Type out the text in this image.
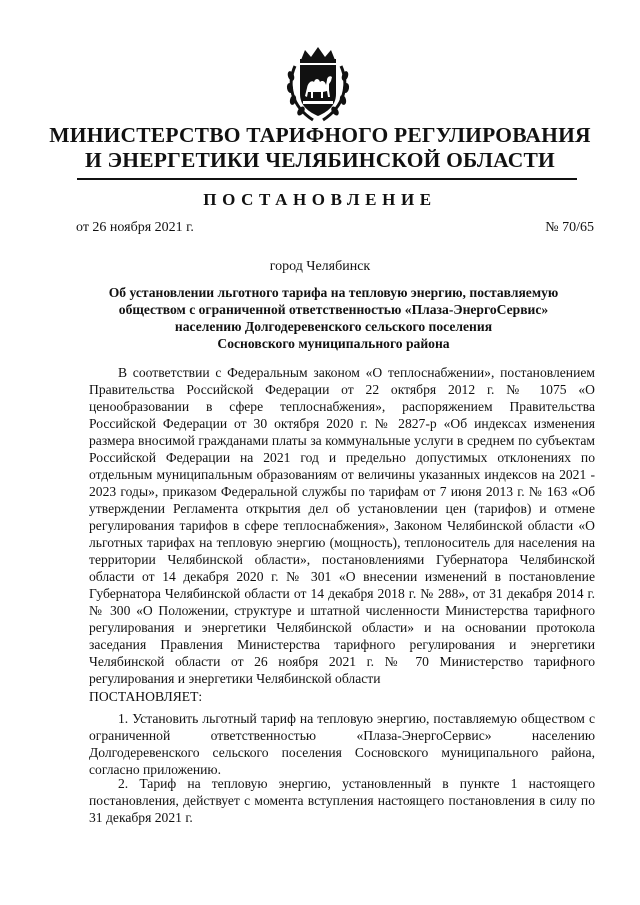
МИНИСТЕРСТВО ТАРИФНОГО РЕГУЛИРОВАНИЯ
И ЭНЕРГЕТИКИ ЧЕЛЯБИНСКОЙ ОБЛАСТИ
ПОСТАНОВЛЕНИЕ
от 26 ноября 2021 г.	№ 70/65
город Челябинск
Об установлении льготного тарифа на тепловую энергию, поставляемую
обществом с ограниченной ответственностью «Плаза-ЭнергоСервис»
населению Долгодеревенского сельского поселения
Сосновского муниципального района
В соответствии с Федеральным законом «О теплоснабжении», постановлением Правительства Российской Федерации от 22 октября 2012 г. № 1075 «О ценообразовании в сфере теплоснабжения», распоряжением Правительства Российской Федерации от 30 октября 2020 г. № 2827-р «Об индексах изменения размера вносимой гражданами платы за коммунальные услуги в среднем по субъектам Российской Федерации на 2021 год и предельно допустимых отклонениях по отдельным муниципальным образованиям от величины указанных индексов на 2021 - 2023 годы», приказом Федеральной службы по тарифам от 7 июня 2013 г. № 163 «Об утверждении Регламента открытия дел об установлении цен (тарифов) и отмене регулирования тарифов в сфере теплоснабжения», Законом Челябинской области «О льготных тарифах на тепловую энергию (мощность), теплоноситель для населения на территории Челябинской области», постановлениями Губернатора Челябинской области от 14 декабря 2020 г. № 301 «О внесении изменений в постановление Губернатора Челябинской области от 14 декабря 2018 г. № 288», от 31 декабря 2014 г. № 300 «О Положении, структуре и штатной численности Министерства тарифного регулирования и энергетики Челябинской области» и на основании протокола заседания Правления Министерства тарифного регулирования и энергетики Челябинской области от 26 ноября 2021 г. № 70 Министерство тарифного регулирования и энергетики Челябинской области
ПОСТАНОВЛЯЕТ:
1. Установить льготный тариф на тепловую энергию, поставляемую обществом с ограниченной ответственностью «Плаза-ЭнергоСервис» населению Долгодеревенского сельского поселения Сосновского муниципального района, согласно приложению.
2. Тариф на тепловую энергию, установленный в пункте 1 настоящего постановления, действует с момента вступления настоящего постановления в силу по 31 декабря 2021 г.
